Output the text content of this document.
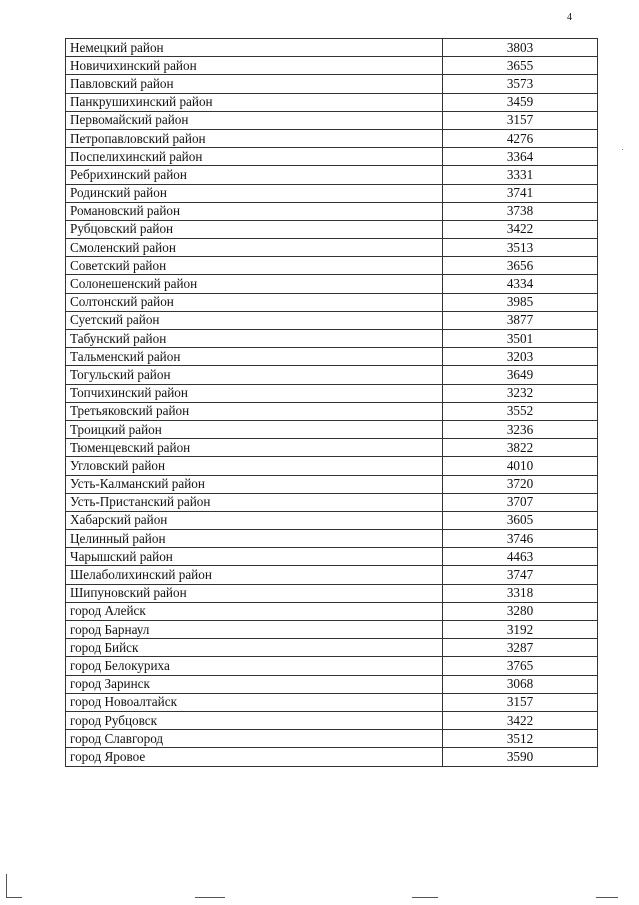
4
Немецкий район	3803
Новичихинский район	3655
Павловский район	3573
Панкрушихинский район	3459
Первомайский район	3157
Петропавловский район	4276
Поспелихинский район	3364
Ребрихинский район	3331
Родинский район	3741
Романовский район	3738
Рубцовский район	3422
Смоленский район	3513
Советский район	3656
Солонешенский район	4334
Солтонский район	3985
Суетский район	3877
Табунский район	3501
Тальменский район	3203
Тогульский район	3649
Топчихинский район	3232
Третьяковский район	3552
Троицкий район	3236
Тюменцевский район	3822
Угловский район	4010
Усть-Калманский район	3720
Усть-Пристанский район	3707
Хабарский район	3605
Целинный район	3746
Чарышский район	4463
Шелаболихинский район	3747
Шипуновский район	3318
город Алейск	3280
город Барнаул	3192
город Бийск	3287
город Белокуриха	3765
город Заринск	3068
город Новоалтайск	3157
город Рубцовск	3422
город Славгород	3512
город Яровое	3590
